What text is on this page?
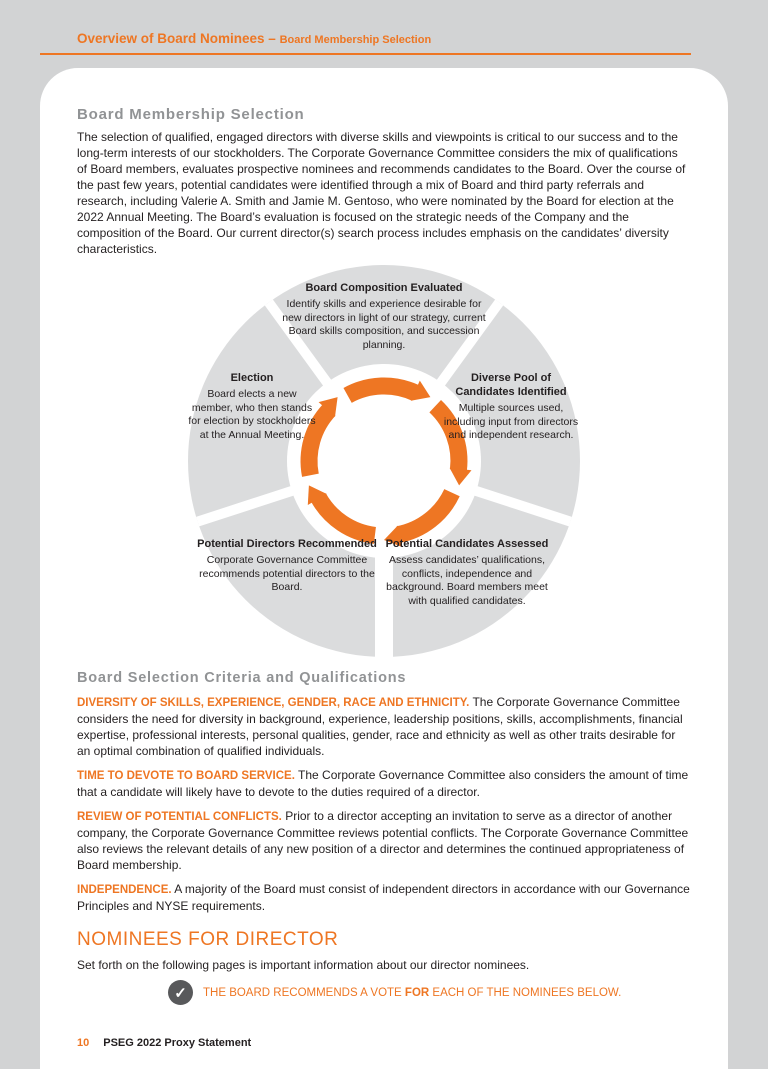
Overview of Board Nominees – Board Membership Selection
Board Membership Selection

The selection of qualified, engaged directors with diverse skills and viewpoints is critical to our success and to the long-term interests of our stockholders. The Corporate Governance Committee considers the mix of qualifications of Board members, evaluates prospective nominees and recommends candidates to the Board. Over the course of the past few years, potential candidates were identified through a mix of Board and third party referrals and research, including Valerie A. Smith and Jamie M. Gentoso, who were nominated by the Board for election at the 2022 Annual Meeting. The Board’s evaluation is focused on the strategic needs of the Company and the composition of the Board. Our current director(s) search process includes emphasis on the candidates’ diversity characteristics.

Board Composition Evaluated
Identify skills and experience desirable for new directors in light of our strategy, current Board skills composition, and succession planning.
Diverse Pool of Candidates Identified
Multiple sources used, including input from directors and independent research.
Potential Candidates Assessed
Assess candidates’ qualifications, conflicts, independence and background. Board members meet with qualified candidates.
Potential Directors Recommended
Corporate Governance Committee recommends potential directors to the Board.
Election
Board elects a new member, who then stands for election by stockholders at the Annual Meeting.
Board Selection Criteria and Qualifications

DIVERSITY OF SKILLS, EXPERIENCE, GENDER, RACE AND ETHNICITY. The Corporate Governance Committee considers the need for diversity in background, experience, leadership positions, skills, accomplishments, financial expertise, professional interests, personal qualities, gender, race and ethnicity as well as other traits desirable for an optimal combination of qualified individuals.

TIME TO DEVOTE TO BOARD SERVICE. The Corporate Governance Committee also considers the amount of time that a candidate will likely have to devote to the duties required of a director.

REVIEW OF POTENTIAL CONFLICTS. Prior to a director accepting an invitation to serve as a director of another company, the Corporate Governance Committee reviews potential conflicts. The Corporate Governance Committee also reviews the relevant details of any new position of a director and determines the continued appropriateness of Board membership.

INDEPENDENCE. A majority of the Board must consist of independent directors in accordance with our Governance Principles and NYSE requirements.

NOMINEES FOR DIRECTOR

Set forth on the following pages is important information about our director nominees.

✓	THE BOARD RECOMMENDS A VOTE FOR EACH OF THE NOMINEES BELOW.
10 PSEG 2022 Proxy Statement
